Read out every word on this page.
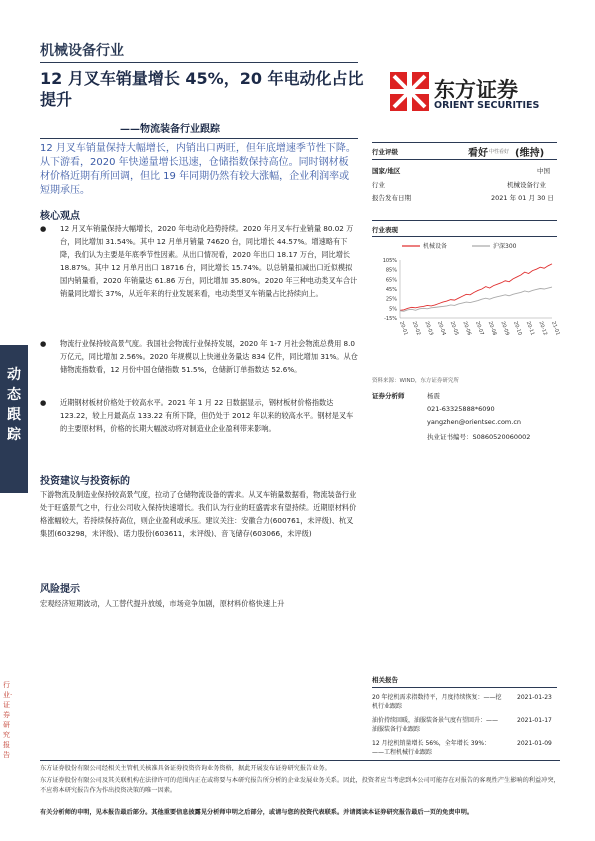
机械设备行业
12 月叉车销量增长 45%，20 年电动化占比提升
——物流装备行业跟踪
12 月叉车销量保持大幅增长，内销出口两旺，但年底增速季节性下降。从下游看，2020 年快递量增长迅速，仓储指数保持高位。同时钢材板材价格近期有所回调，但比 19 年同期仍然有较大涨幅，企业利润率或短期承压。
核心观点
● 12 月叉车销量保持大幅增长，2020 年电动化趋势持续。2020 年月叉车行业销量 80.02 万台，同比增加 31.54%。其中 12 月单月销量 74620 台，同比增长 44.57%。增速略有下降，我们认为主要是年底季节性因素。从出口情况看，2020 年出口 18.17 万台，同比增长 18.87%。其中 12 月单月出口 18716 台，同比增长 15.74%。以总销量扣减出口近似模拟国内销量看，2020 年销量达 61.86 万台，同比增加 35.80%。2020 年三种电动类叉车合计销量同比增长 37%，从近年来的行业发展来看，电动类型叉车销量占比持续向上。
● 物流行业保持较高景气度。我国社会物流行业保持发展，2020 年 1-7 月社会物流总费用 8.0 万亿元，同比增加 2.56%。2020 年规模以上快递业务量达 834 亿件，同比增加 31%。从仓储物流指数看，12 月份中国仓储指数 51.5%，仓储新订单指数达 52.6%。
● 近期钢材板材价格处于较高水平。2021 年 1 月 22 日数据显示，钢材板材价格指数达 123.22，较上月最高点 133.22 有所下降，但仍处于 2012 年以来的较高水平。钢材是叉车的主要原材料，价格的长期大幅波动将对制造业企业盈利带来影响。
投资建议与投资标的
下游物流及制造业保持较高景气度，拉动了仓储物流设备的需求。从叉车销量数据看，物流装备行业处于旺盛景气之中，行业公司收入保持快速增长。我们认为行业的旺盛需求有望持续。近期原材料价格涨幅较大，若持续保持高位，则企业盈利或承压。建议关注：安徽合力(600761，未评级)、杭叉集团(603298，未评级)、诺力股份(603611，未评级)、音飞储存(603066，未评级)
风险提示
宏观经济短期波动，人工替代提升放缓，市场竞争加剧，原材料价格快速上升
动态跟踪
行业·证券研究报告
东方证券
ORIENT SECURITIES
行业评级	看好 中性看好 (维持)
国家/地区	中国
行业	机械设备行业
报告发布日期	2021 年 01 月 30 日
行业表现
机械设备	沪深300
-15%
5%
25%
45%
65%
85%
105%
20-01 20-02 20-03 20-04 20-05 20-06 20-07 20-08 20-09 20-10 20-11 20-12 21-01
资料来源：WIND，东方证券研究所
证券分析师	杨震
021-63325888*6090
yangzhen@orientsec.com.cn
执业证书编号：S0860520060002
相关报告
20 年挖机需求指数持平，月度持续恢复：——挖机行业跟踪
2021-01-23
油价持续回暖，油服装备景气度有望回升：——油服装备行业跟踪
2021-01-17
12 月挖机销量增长 56%，全年增长 39%：——工程机械行业跟踪
2021-01-09
东方证券股份有限公司经相关主管机关核准具备证券投资咨询业务资格，据此开展发布证券研究报告业务。
东方证券股份有限公司及其关联机构在法律许可的范围内正在或将要与本研究报告所分析的企业发展业务关系。因此，投资者应当考虑到本公司可能存在对报告的客观性产生影响的利益冲突，不应将本研究报告作为作出投资决策的唯一因素。
有关分析师的申明，见本报告最后部分。其他重要信息披露见分析师申明之后部分，或请与您的投资代表联系。并请阅读本证券研究报告最后一页的免责申明。
